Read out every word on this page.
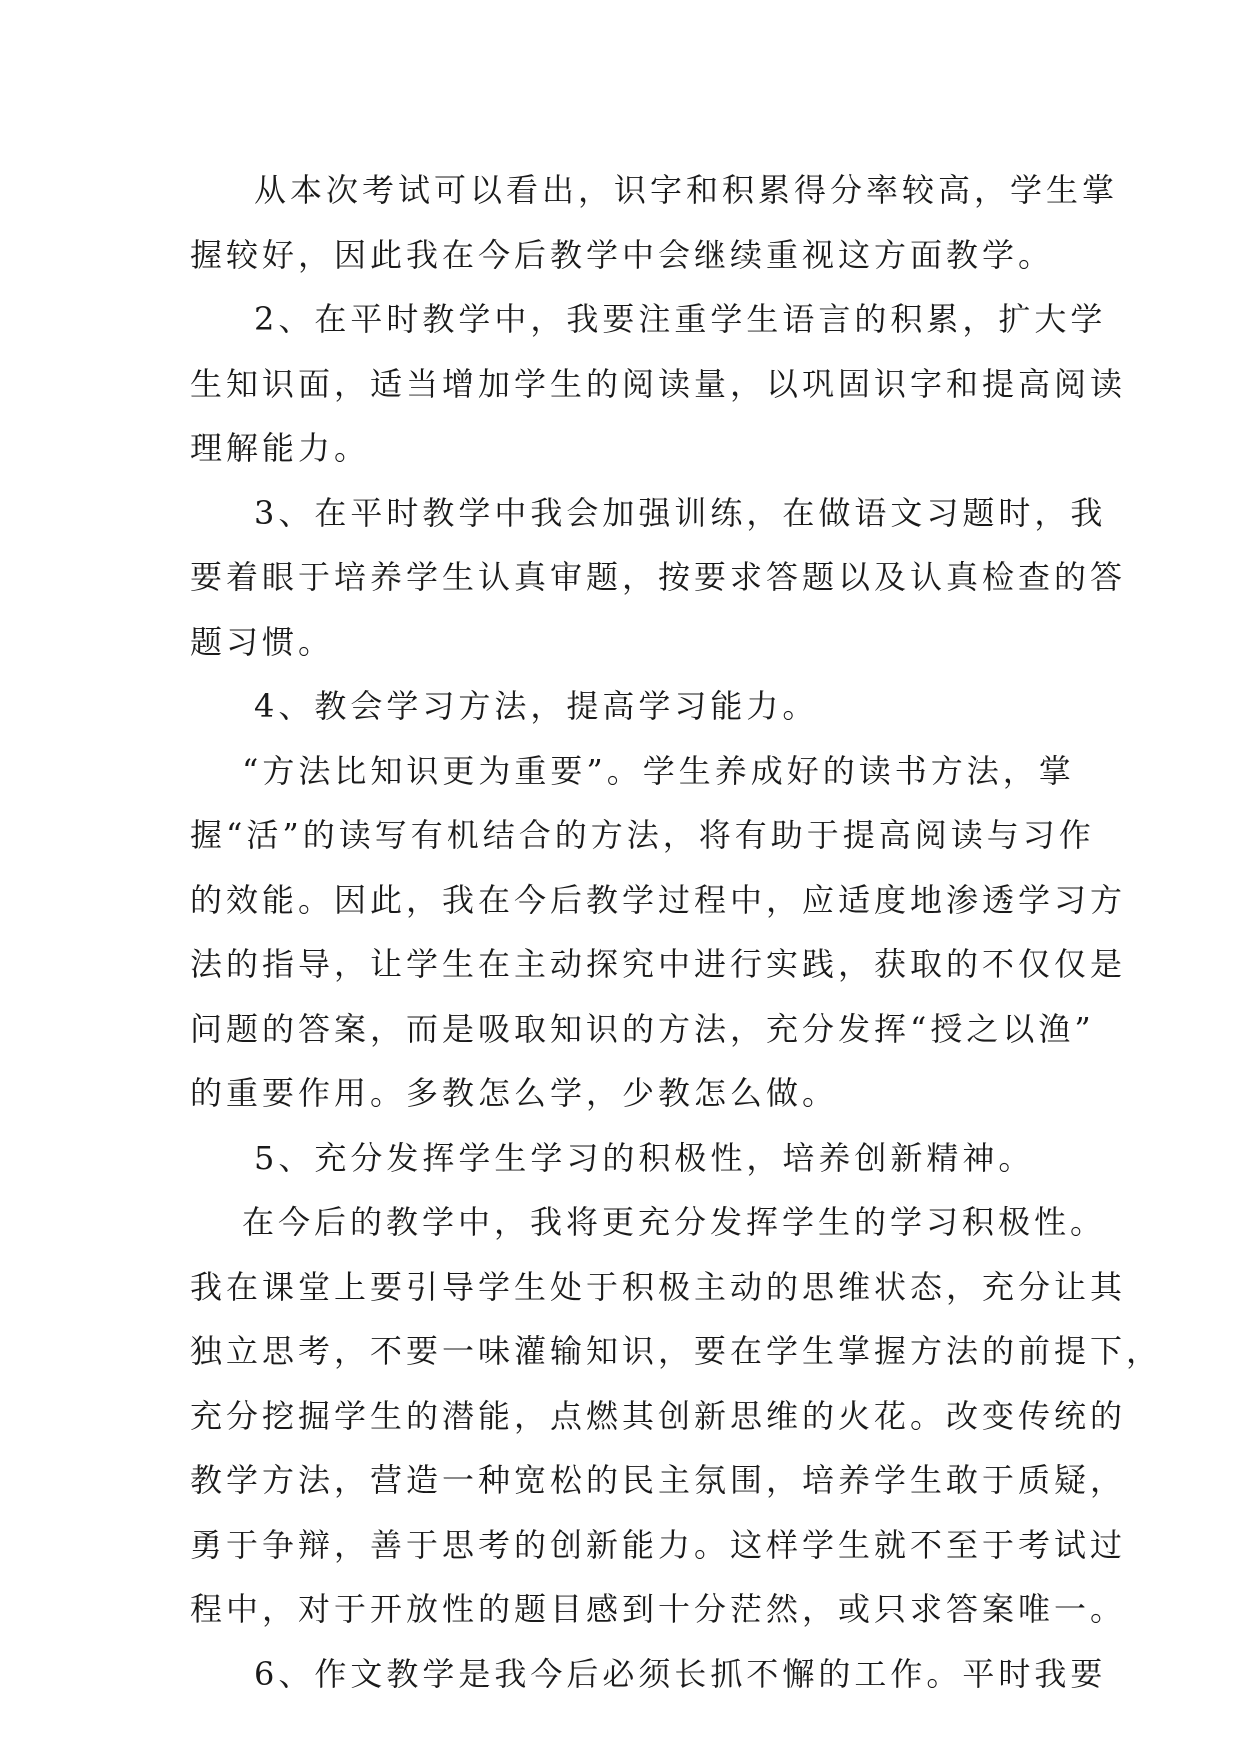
从本次考试可以看出，识字和积累得分率较高，学生掌
握较好，因此我在今后教学中会继续重视这方面教学。
2、在平时教学中，我要注重学生语言的积累，扩大学
生知识面，适当增加学生的阅读量，以巩固识字和提高阅读
理解能力。
3、在平时教学中我会加强训练，在做语文习题时，我
要着眼于培养学生认真审题，按要求答题以及认真检查的答
题习惯。
4、教会学习方法，提高学习能力。
“方法比知识更为重要”。学生养成好的读书方法，掌
握“活”的读写有机结合的方法，将有助于提高阅读与习作
的效能。因此，我在今后教学过程中，应适度地渗透学习方
法的指导，让学生在主动探究中进行实践，获取的不仅仅是
问题的答案，而是吸取知识的方法，充分发挥“授之以渔”
的重要作用。多教怎么学，少教怎么做。
5、充分发挥学生学习的积极性，培养创新精神。
在今后的教学中，我将更充分发挥学生的学习积极性。
我在课堂上要引导学生处于积极主动的思维状态，充分让其
独立思考，不要一味灌输知识，要在学生掌握方法的前提下，
充分挖掘学生的潜能，点燃其创新思维的火花。改变传统的
教学方法，营造一种宽松的民主氛围，培养学生敢于质疑，
勇于争辩，善于思考的创新能力。这样学生就不至于考试过
程中，对于开放性的题目感到十分茫然，或只求答案唯一。
6、作文教学是我今后必须长抓不懈的工作。平时我要
